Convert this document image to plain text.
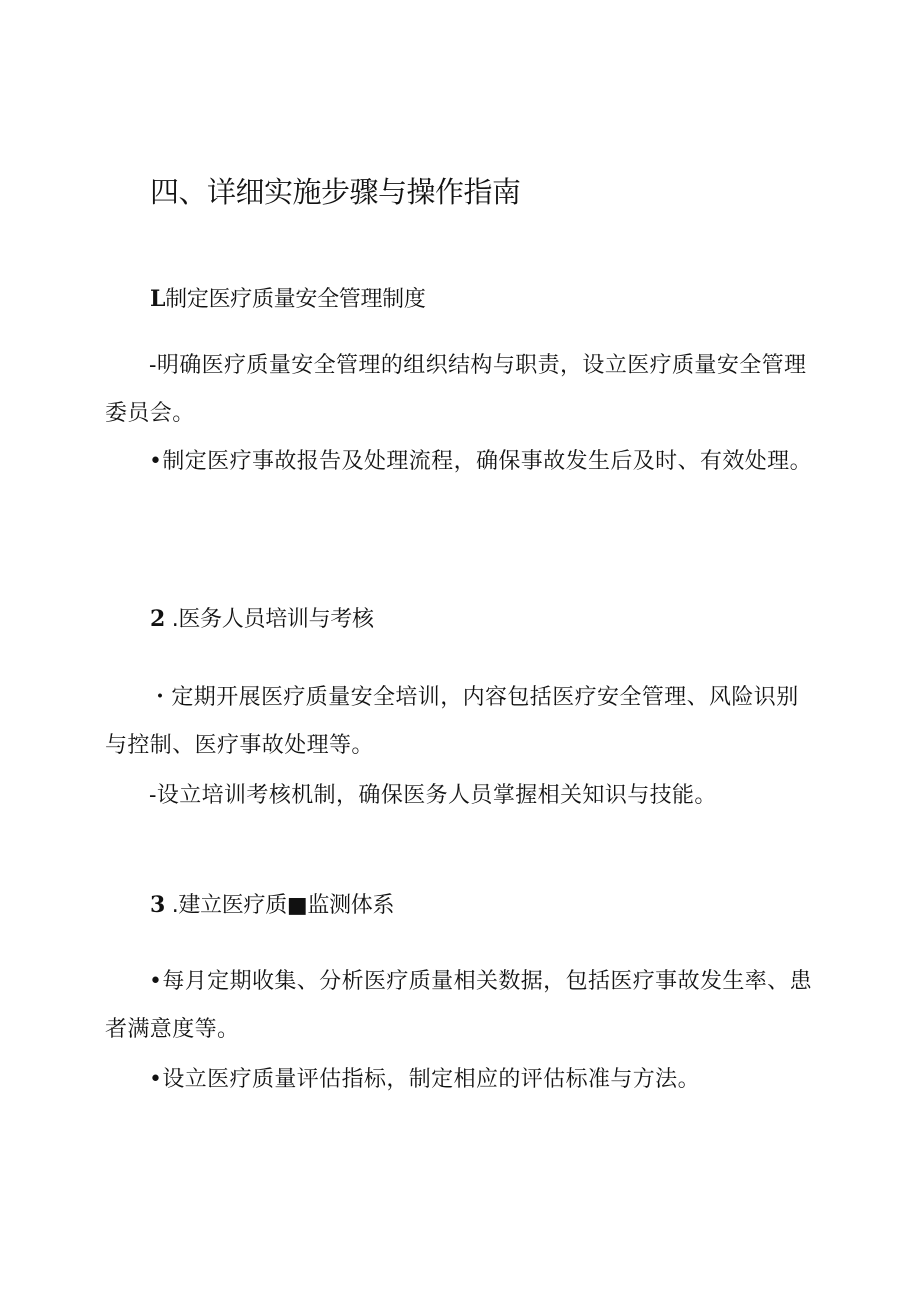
四、详细实施步骤与操作指南
L制定医疗质量安全管理制度

-明确医疗质量安全管理的组织结构与职责，设立医疗质量安全管理委员会。

•制定医疗事故报告及处理流程，确保事故发生后及时、有效处理。

2 .医务人员培训与考核

・定期开展医疗质量安全培训，内容包括医疗安全管理、风险识别与控制、医疗事故处理等。

-设立培训考核机制，确保医务人员掌握相关知识与技能。

3 .建立医疗质■监测体系

•每月定期收集、分析医疗质量相关数据，包括医疗事故发生率、患者满意度等。

•设立医疗质量评估指标，制定相应的评估标准与方法。
